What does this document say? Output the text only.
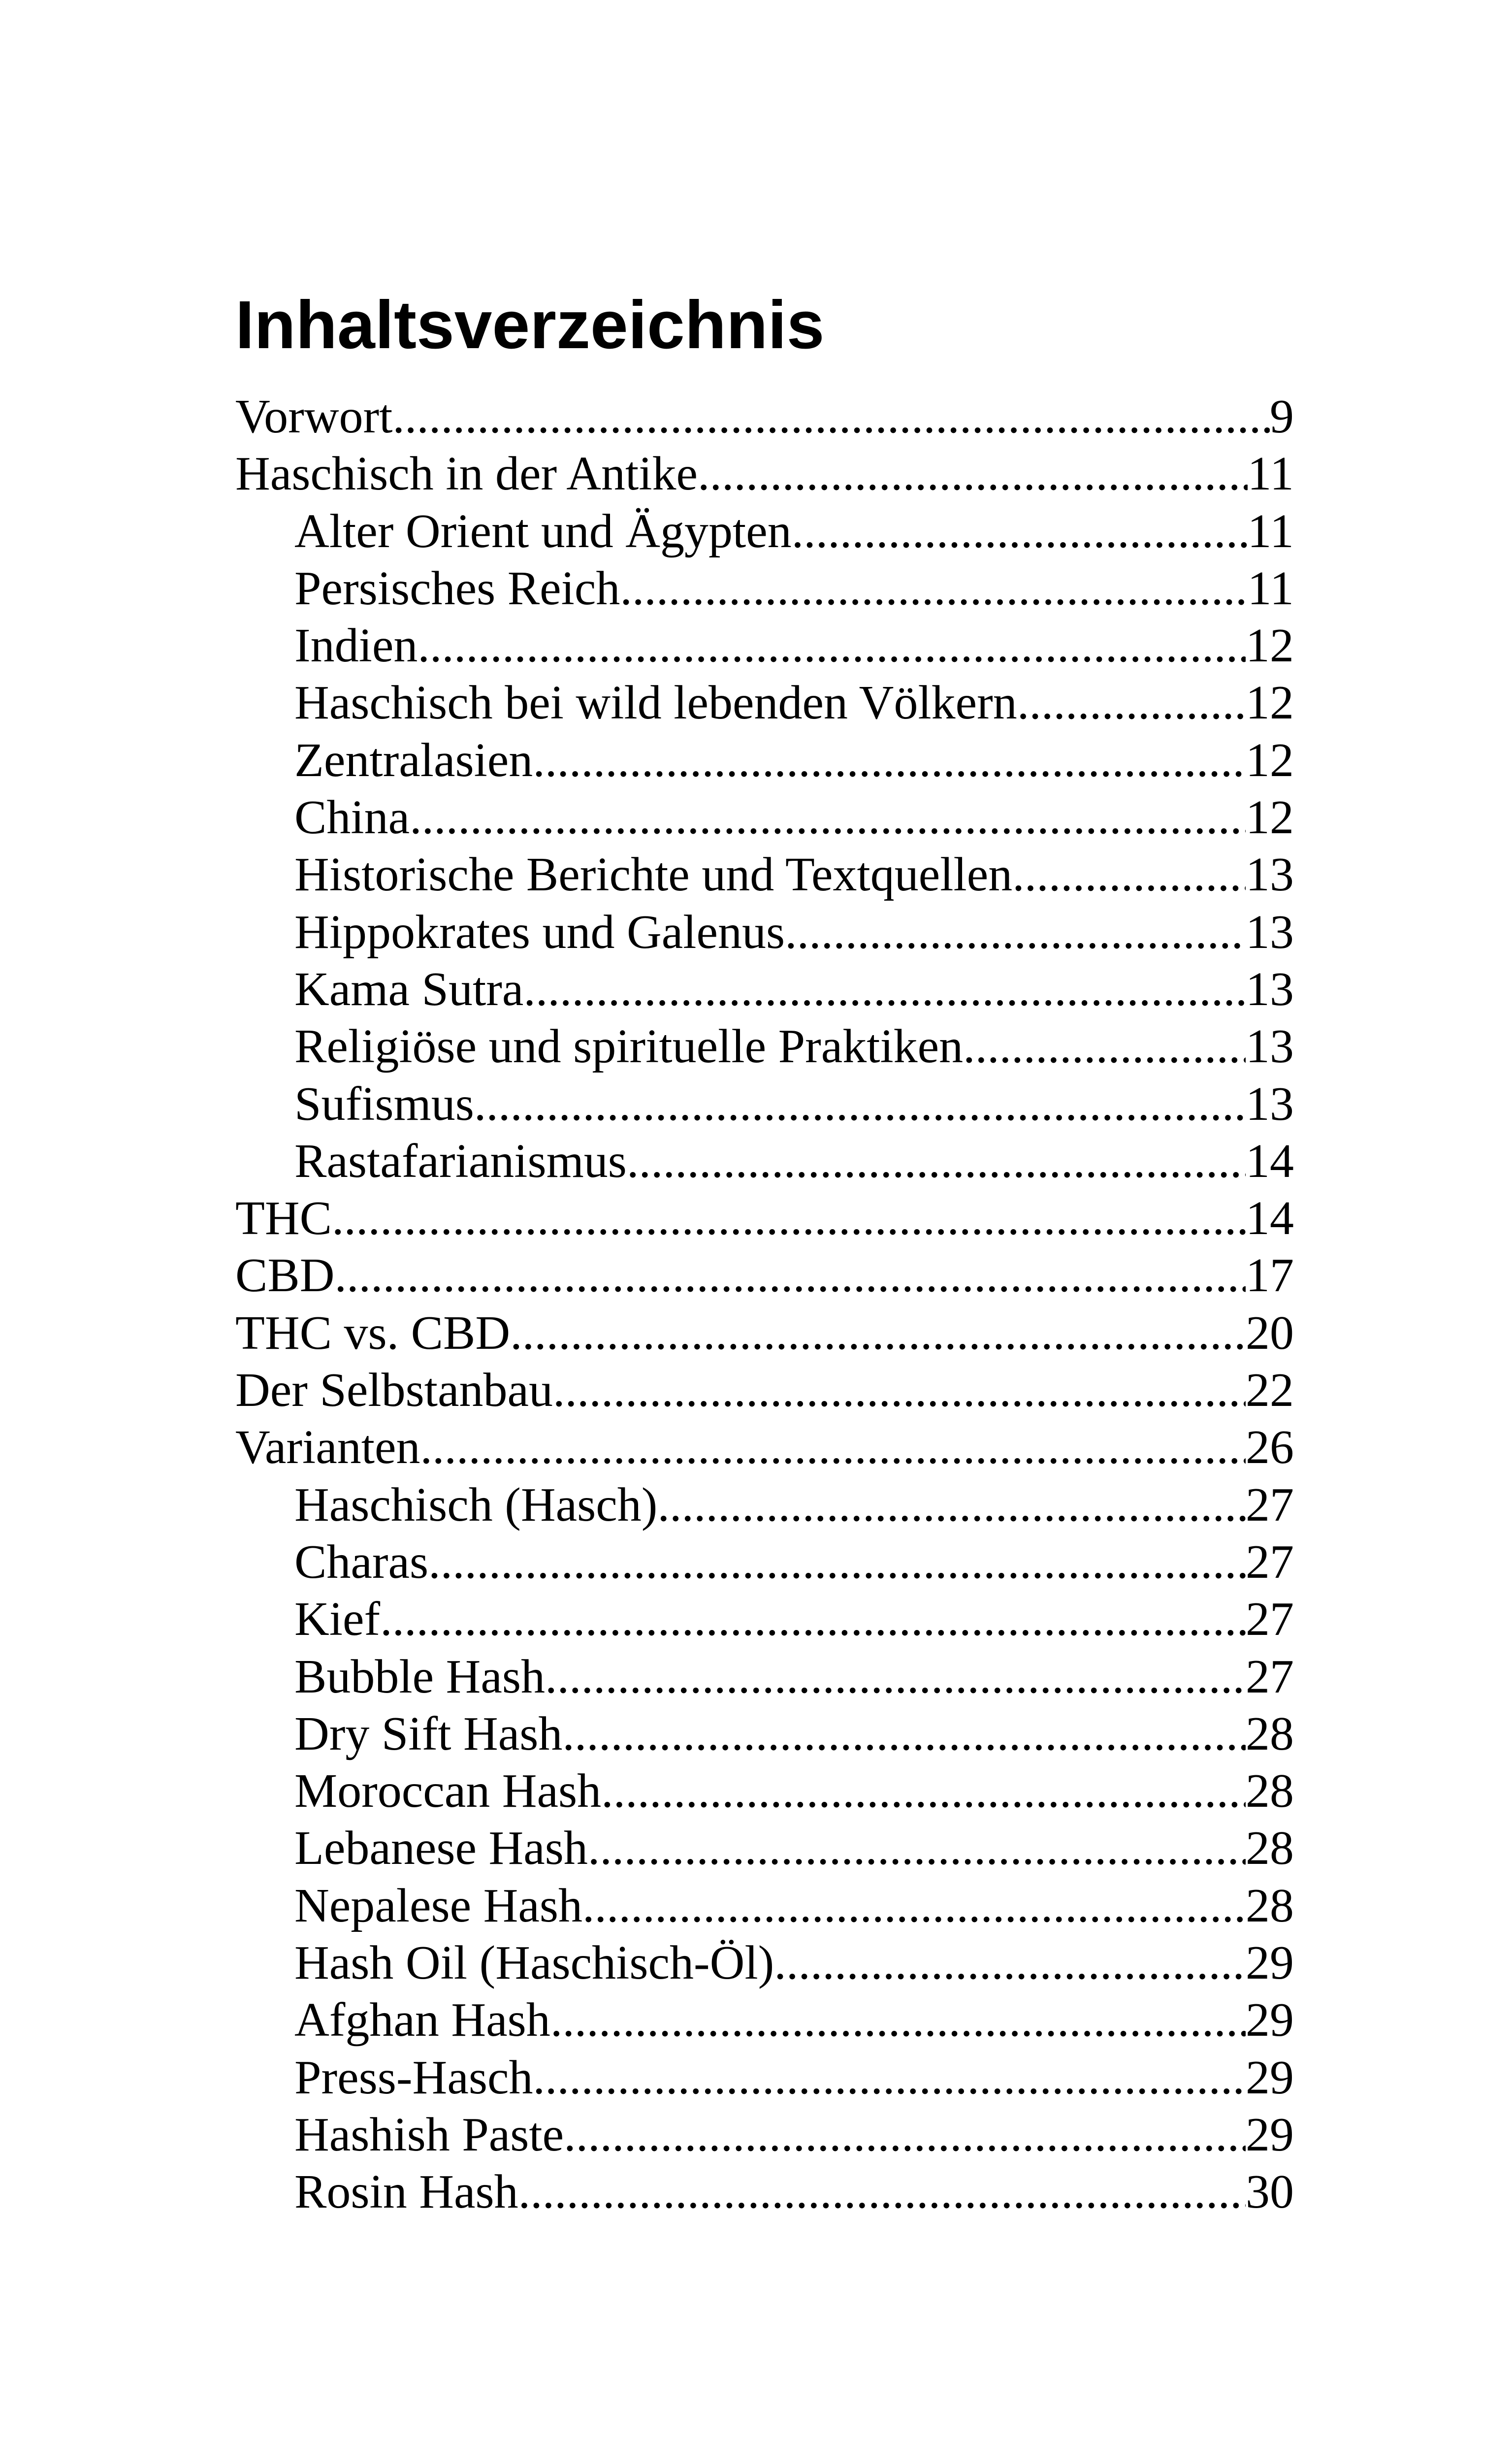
Inhaltsverzeichnis
Vorwort .....	9
Haschisch in der Antike .....	11
Alter Orient und Ägypten .....	11
Persisches Reich .....	11
Indien .....	12
Haschisch bei wild lebenden Völkern .....	12
Zentralasien .....	12
China .....	12
Historische Berichte und Textquellen .....	13
Hippokrates und Galenus .....	13
Kama Sutra .....	13
Religiöse und spirituelle Praktiken .....	13
Sufismus .....	13
Rastafarianismus .....	14
THC .....	14
CBD .....	17
THC vs. CBD .....	20
Der Selbstanbau .....	22
Varianten .....	26
Haschisch (Hasch) .....	27
Charas .....	27
Kief .....	27
Bubble Hash .....	27
Dry Sift Hash .....	28
Moroccan Hash .....	28
Lebanese Hash .....	28
Nepalese Hash .....	28
Hash Oil (Haschisch-Öl) .....	29
Afghan Hash .....	29
Press-Hasch .....	29
Hashish Paste .....	29
Rosin Hash .....	30
